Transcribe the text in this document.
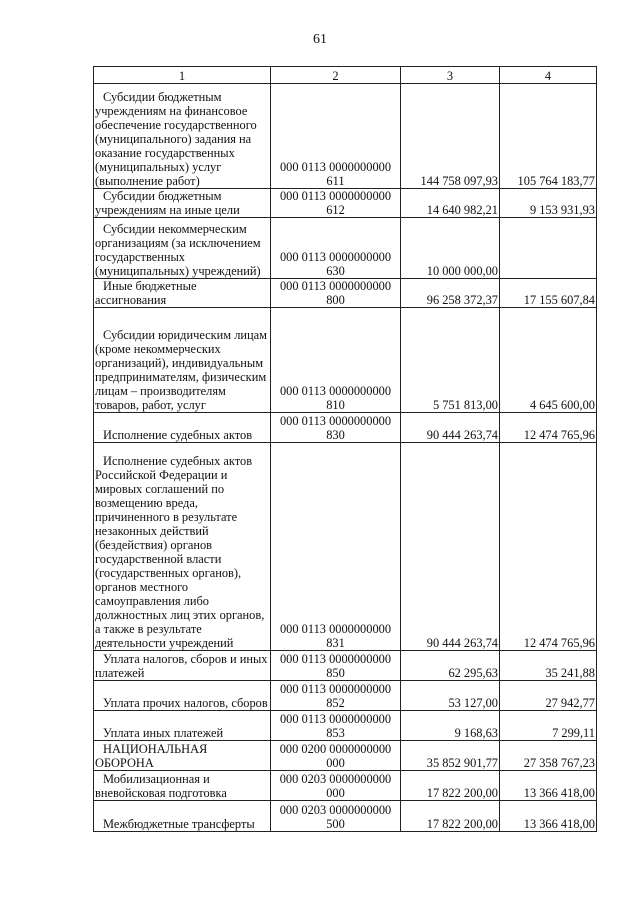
61
1	2	3	4
Субсидии бюджетным учреждениям на финансовое обеспечение государственного (муниципального) задания на оказание государственных (муниципальных) услуг (выполнение работ)	000 0113 0000000000
611	144 758 097,93	105 764 183,77
Субсидии бюджетным учреждениям на иные цели	000 0113 0000000000
612	14 640 982,21	9 153 931,93
Субсидии некоммерческим организациям (за исключением государственных (муниципальных) учреждений)	000 0113 0000000000
630	10 000 000,00	
Иные бюджетные ассигнования	000 0113 0000000000
800	96 258 372,37	17 155 607,84
Субсидии юридическим лицам (кроме некоммерческих организаций), индивидуальным предпринимателям, физическим лицам – производителям товаров, работ, услуг	000 0113 0000000000
810	5 751 813,00	4 645 600,00
Исполнение судебных актов	000 0113 0000000000
830	90 444 263,74	12 474 765,96
Исполнение судебных актов Российской Федерации и мировых соглашений по возмещению вреда, причиненного в результате незаконных действий (бездействия) органов государственной власти (государственных органов), органов местного самоуправления либо должностных лиц этих органов, а также в результате деятельности учреждений	000 0113 0000000000
831	90 444 263,74	12 474 765,96
Уплата налогов, сборов и иных платежей	000 0113 0000000000
850	62 295,63	35 241,88
Уплата прочих налогов, сборов	000 0113 0000000000
852	53 127,00	27 942,77
Уплата иных платежей	000 0113 0000000000
853	9 168,63	7 299,11
НАЦИОНАЛЬНАЯ ОБОРОНА	000 0200 0000000000
000	35 852 901,77	27 358 767,23
Мобилизационная и вневойсковая подготовка	000 0203 0000000000
000	17 822 200,00	13 366 418,00
Межбюджетные трансферты	000 0203 0000000000
500	17 822 200,00	13 366 418,00
